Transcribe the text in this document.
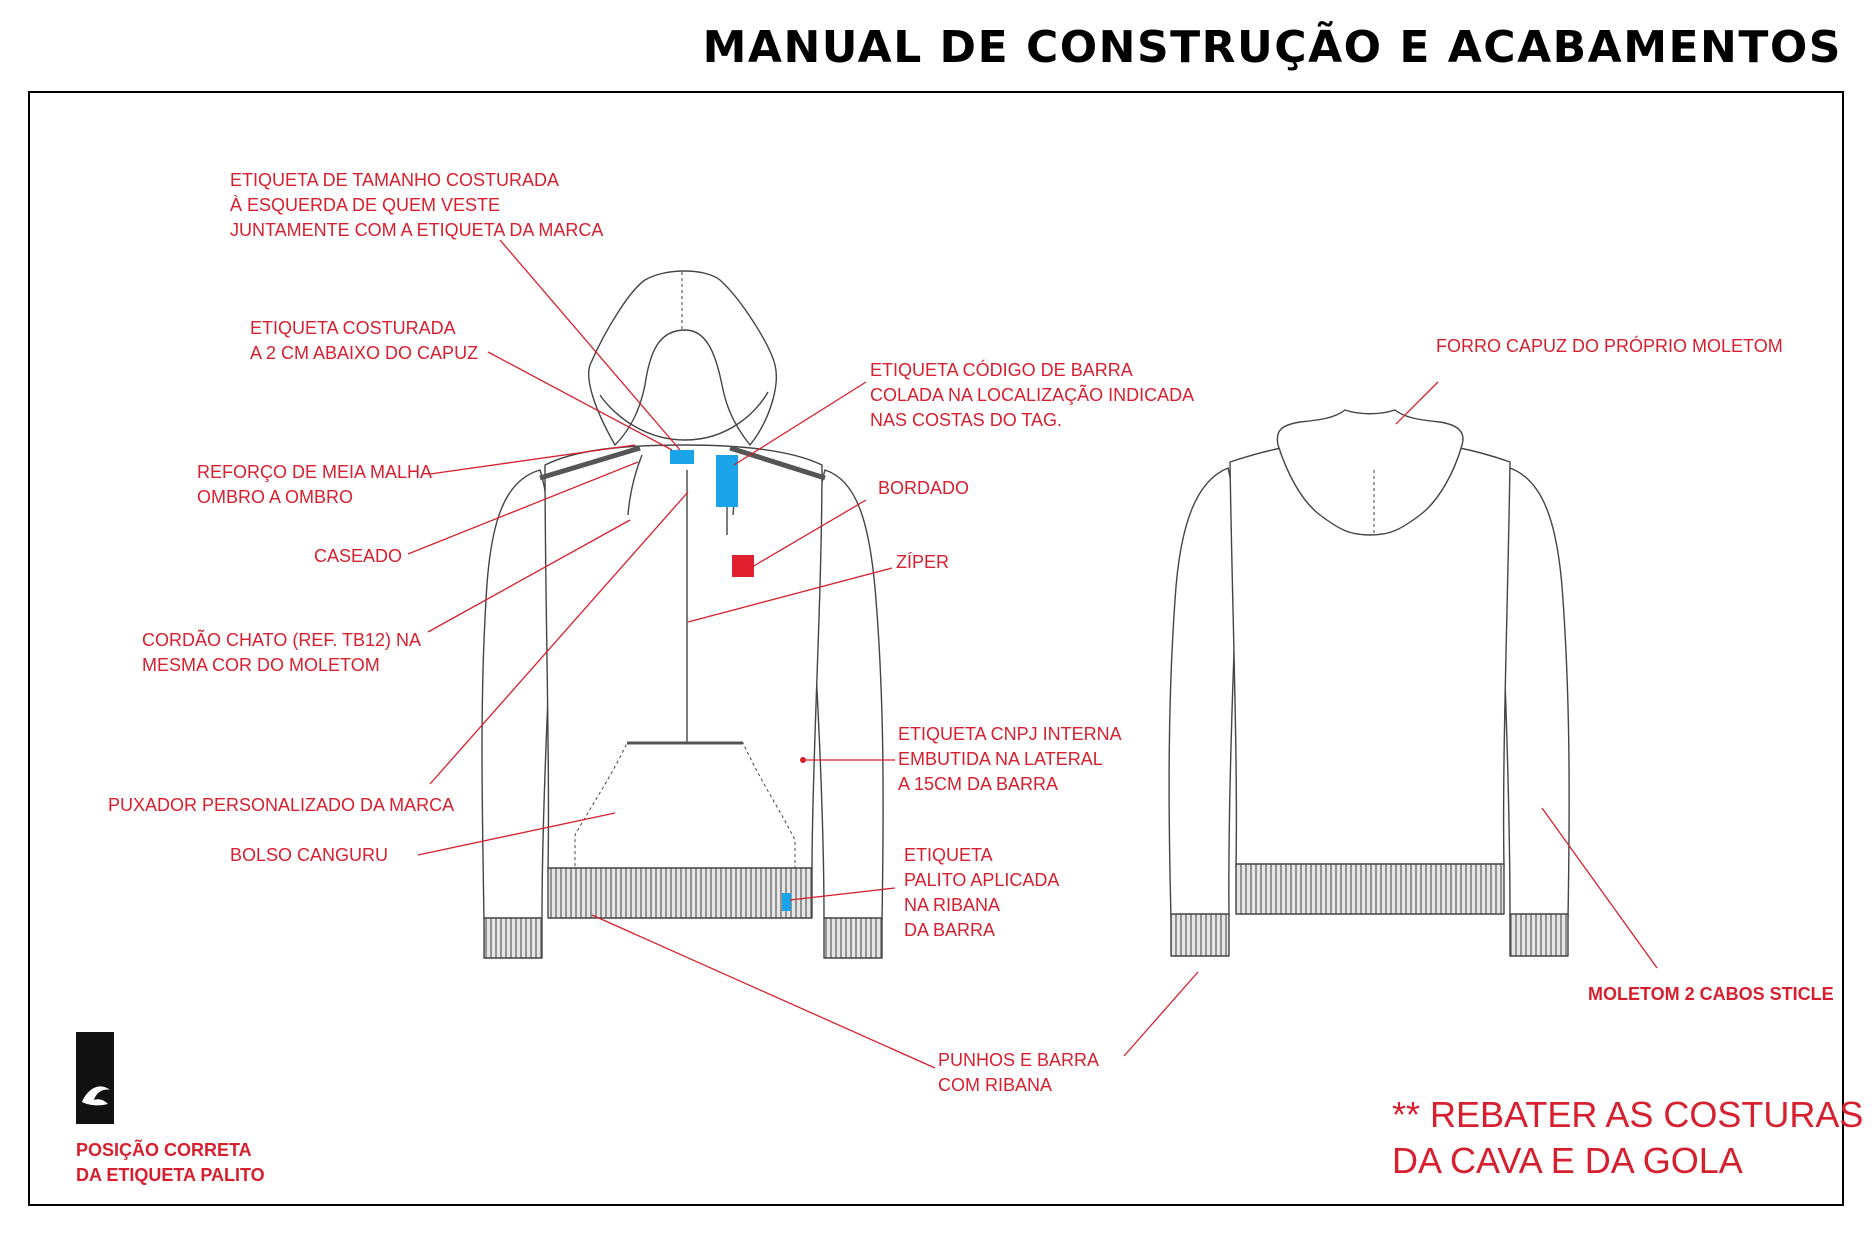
MANUAL DE CONSTRUÇÃO E ACABAMENTOS
ETIQUETA DE TAMANHO COSTURADA
À ESQUERDA DE QUEM VESTE
JUNTAMENTE COM A ETIQUETA DA MARCA
ETIQUETA COSTURADA
A 2 CM ABAIXO DO CAPUZ
ETIQUETA CÓDIGO DE BARRA
COLADA NA LOCALIZAÇÃO INDICADA
NAS COSTAS DO TAG.
REFORÇO DE MEIA MALHA
OMBRO A OMBRO	BORDADO
CASEADO	ZÍPER
CORDÃO CHATO (REF. TB12) NA
MESMA COR DO MOLETOM
ETIQUETA CNPJ INTERNA
EMBUTIDA NA LATERAL
A 15CM DA BARRA
PUXADOR PERSONALIZADO DA MARCA
BOLSO CANGURU	ETIQUETA
PALITO APLICADA
NA RIBANA
DA BARRA
PUNHOS E BARRA
COM RIBANA
FORRO CAPUZ DO PRÓPRIO MOLETOM
MOLETOM 2 CABOS STICLE
POSIÇÃO CORRETA
DA ETIQUETA PALITO
** REBATER AS COSTURAS
DA CAVA E DA GOLA
